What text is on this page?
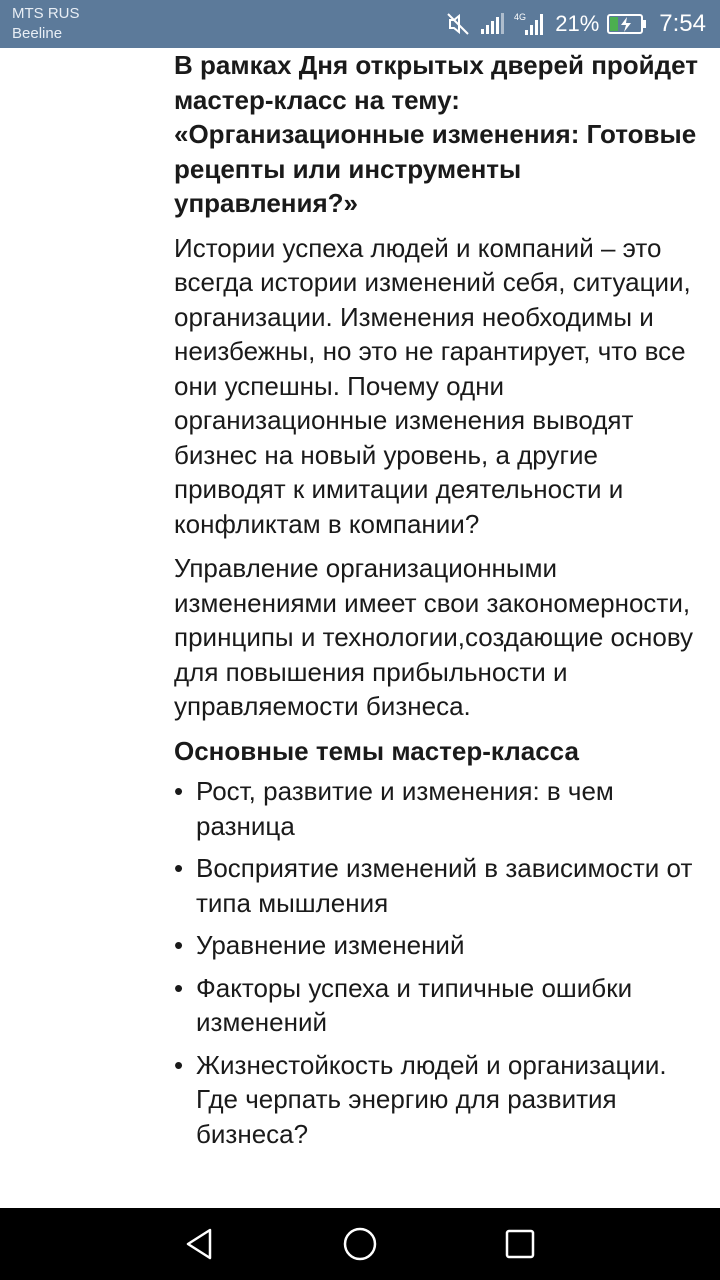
MTS RUS
Beeline
4G 21%	7:54

В рамках Дня открытых дверей пройдет мастер-класс на тему: «Организационные изменения: Готовые рецепты или инструменты управления?»

Истории успеха людей и компаний – это всегда истории изменений себя, ситуации, организации. Изменения необходимы и неизбежны, но это не гарантирует, что все они успешны. Почему одни организационные изменения выводят бизнес на новый уровень, а другие приводят к имитации деятельности и конфликтам в компании?

Управление организационными изменениями имеет свои закономерности, принципы и технологии,создающие основу для повышения прибыльности и управляемости бизнеса.

Основные темы мастер-класса

• Рост, развитие и изменения: в чем разница
• Восприятие изменений в зависимости от типа мышления
• Уравнение изменений
• Факторы успеха и типичные ошибки изменений
• Жизнестойкость людей и организации. Где черпать энергию для развития бизнеса?
